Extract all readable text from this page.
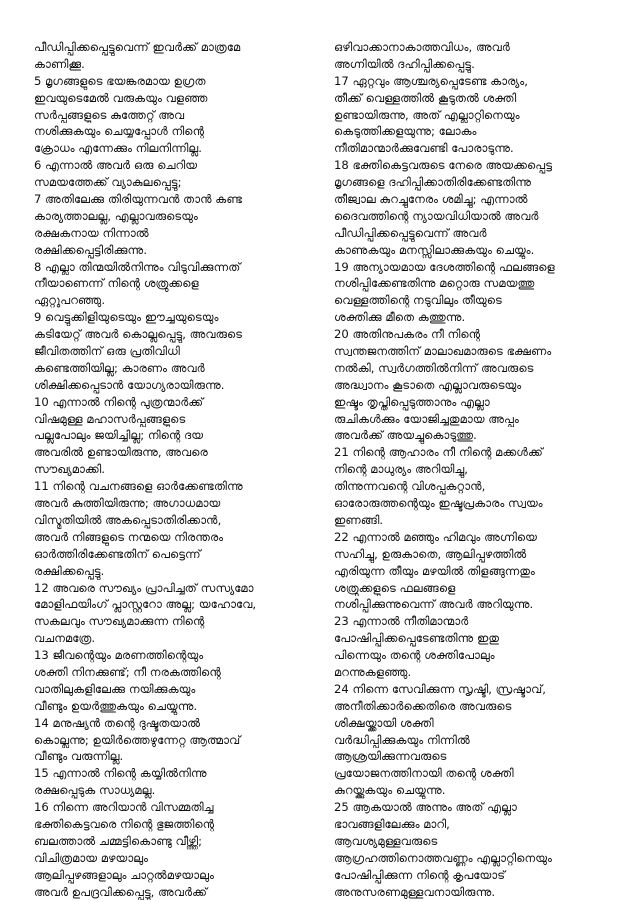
പീഡിപ്പിക്കപ്പെട്ടുവെന്ന് ഇവർക്ക് മാത്രമേ
കാണിക്കൂ.
5 മൃഗങ്ങളുടെ ഭയങ്കരമായ ഉഗ്രത
ഇവയുടെമേൽ വരുകയും വളഞ്ഞ
സർപ്പങ്ങളുടെ കുത്തേറ്റ് അവ
നശിക്കുകയും ചെയ്യപ്പോൾ നിന്റെ
ക്രോധം എന്നേക്കും നിലനിന്നില്ല.
6 എന്നാൽ അവർ ഒരു ചെറിയ
സമയത്തേക്ക് വ്യാകുലപ്പെട്ടു;
7 അതിലേക്കു തിരിയുന്നവൻ താൻ കണ്ട
കാര്യത്താലല്ല, എല്ലാവരുടെയും
രക്ഷകനായ നിന്നാൽ
രക്ഷിക്കപ്പെട്ടിരിക്കുന്നു.
8 എല്ലാ തിന്മയിൽനിന്നും വിടുവിക്കുന്നത്
നീയാണെന്ന് നിന്റെ ശത്രുക്കളെ
ഏറ്റുപറഞ്ഞു.
9 വെട്ടുക്കിളിയുടെയും ഈച്ചയുടെയും
കടിയേറ്റ് അവർ കൊല്ലപ്പെട്ടു, അവരുടെ
ജീവിതത്തിന് ഒരു പ്രതിവിധി
കണ്ടെത്തിയില്ല; കാരണം അവർ
ശിക്ഷിക്കപ്പെടാൻ യോഗ്യരായിരുന്നു.
10 എന്നാൽ നിന്റെ പുത്രന്മാർക്ക്
വിഷമുള്ള മഹാസർപ്പങ്ങളുടെ
പല്ലുപോലും ജയിച്ചില്ല; നിന്റെ ദയ
അവരിൽ ഉണ്ടായിരുന്നു, അവരെ
സൗഖ്യമാക്കി.
11 നിന്റെ വചനങ്ങളെ ഓർക്കേണ്ടതിന്നു
അവർ കുത്തിയിരുന്നു; അഗാധമായ
വിസ്മൃതിയിൽ അകപ്പെടാതിരിക്കാൻ,
അവർ നിങ്ങളുടെ നന്മയെ നിരന്തരം
ഓർത്തിരിക്കേണ്ടതിന് പെട്ടെന്ന്
രക്ഷിക്കപ്പെട്ടു.
12 അവരെ സൗഖ്യം പ്രാപിച്ചത് സസ്യമോ
മോളിഫയിംഗ് പ്ലാസ്റ്ററോ അല്ല; യഹോവേ,
സകലവും സൗഖ്യമാക്കുന്ന നിന്റെ
വചനമത്രേ.
13 ജീവന്റെയും മരണത്തിന്റെയും
ശക്തി നിനക്കുണ്ട്; നീ നരകത്തിന്റെ
വാതിലുകളിലേക്കു നയിക്കുകയും
വീണ്ടും ഉയർത്തുകയും ചെയ്യുന്നു.
14 മനുഷ്യൻ തന്റെ ദുഷ്ടതയാൽ
കൊല്ലുന്നു; ഉയിർത്തെഴുന്നേറ്റ ആത്മാവ്
വീണ്ടും വരുന്നില്ല.
15 എന്നാൽ നിന്റെ കയ്യിൽനിന്നു
രക്ഷപ്പെടുക സാധ്യമല്ല.
16 നിന്നെ അറിയാൻ വിസമ്മതിച്ച
ഭക്തികെട്ടവരെ നിന്റെ ഭുജത്തിന്റെ
ബലത്താൽ ചമ്മട്ടികൊണ്ടു വീഴ്ത്തി;
വിചിത്രമായ മഴയാലും
ആലിപ്പഴങ്ങളാലും ചാറ്റൽമഴയാലും
അവർ ഉപദ്രവിക്കപ്പെട്ടു, അവർക്ക്
ഒഴിവാക്കാനാകാത്തവിധം, അവർ
അഗ്നിയിൽ ദഹിപ്പിക്കപ്പെട്ടു.
17 ഏറ്റവും ആശ്ചര്യപ്പെടേണ്ട കാര്യം,
തീക്ക് വെള്ളത്തിൽ കൂടുതൽ ശക്തി
ഉണ്ടായിരുന്നു, അത് എല്ലാറ്റിനെയും
കെടുത്തിക്കളയുന്നു; ലോകം
നീതിമാന്മാർക്കുവേണ്ടി പോരാടുന്നു.
18 ഭക്തികെട്ടവരുടെ നേരെ അയക്കപ്പെട്ട
മൃഗങ്ങളെ ദഹിപ്പിക്കാതിരിക്കേണ്ടതിന്നു
തീജ്വാല കുറച്ചുനേരം ശമിച്ചു; എന്നാൽ
ദൈവത്തിന്റെ ന്യായവിധിയാൽ അവർ
പീഡിപ്പിക്കപ്പെട്ടുവെന്ന് അവർ
കാണുകയും മനസ്സിലാക്കുകയും ചെയ്യും.
19 അന്യായമായ ദേശത്തിന്റെ ഫലങ്ങളെ
നശിപ്പിക്കേണ്ടതിന്നു മറ്റൊരു സമയത്തു
വെള്ളത്തിന്റെ നടുവിലും തീയുടെ
ശക്തിക്കു മീതെ കത്തുന്നു.
20 അതിനുപകരം നീ നിന്റെ
സ്വന്തജനത്തിന് മാലാഖമാരുടെ ഭക്ഷണം
നൽകി, സ്വർഗത്തിൽനിന്ന് അവരുടെ
അദ്ധ്വാനം കൂടാതെ എല്ലാവരുടെയും
ഇഷ്ടം തൃപ്തിപ്പെടുത്താനും എല്ലാ
രുചികൾക്കും യോജിച്ചതുമായ അപ്പം
അവർക്ക് അയച്ചുകൊടുത്തു.
21 നിന്റെ ആഹാരം നീ നിന്റെ മക്കൾക്ക്
നിന്റെ മാധുര്യം അറിയിച്ചു,
തിന്നുന്നവന്റെ വിശപ്പകറ്റാൻ,
ഓരോരുത്തന്റെയും ഇഷ്ടപ്രകാരം സ്വയം
ഇണങ്ങി.
22 എന്നാൽ മഞ്ഞും ഹിമവും അഗ്നിയെ
സഹിച്ചു, ഉരുകാതെ, ആലിപ്പഴത്തിൽ
എരിയുന്ന തീയും മഴയിൽ തിളങ്ങുന്നതും
ശത്രുക്കളുടെ ഫലങ്ങളെ
നശിപ്പിക്കുന്നുവെന്ന് അവർ അറിയുന്നു.
23 എന്നാൽ നീതിമാന്മാർ
പോഷിപ്പിക്കപ്പെടേണ്ടതിന്നു ഇതു
പിന്നെയും തന്റെ ശക്തിപോലും
മറന്നുകളഞ്ഞു.
24 നിന്നെ സേവിക്കുന്ന സൃഷ്ടി, സ്രഷ്ടാവ്,
അനീതിക്കാർക്കെതിരെ അവരുടെ
ശിക്ഷയ്ക്കായി ശക്തി
വർദ്ധിപ്പിക്കുകയും നിന്നിൽ
ആശ്രയിക്കുന്നവരുടെ
പ്രയോജനത്തിനായി തന്റെ ശക്തി
കുറയ്ക്കുകയും ചെയ്യുന്നു.
25 ആകയാൽ അന്നും അത് എല്ലാ
ഭാവങ്ങളിലേക്കും മാറി,
ആവശ്യമുള്ളവരുടെ
ആഗ്രഹത്തിനൊത്തവണ്ണം എല്ലാറ്റിനെയും
പോഷിപ്പിക്കുന്ന നിന്റെ കൃപയോട്
അനുസരണമുള്ളവനായിരുന്നു.
